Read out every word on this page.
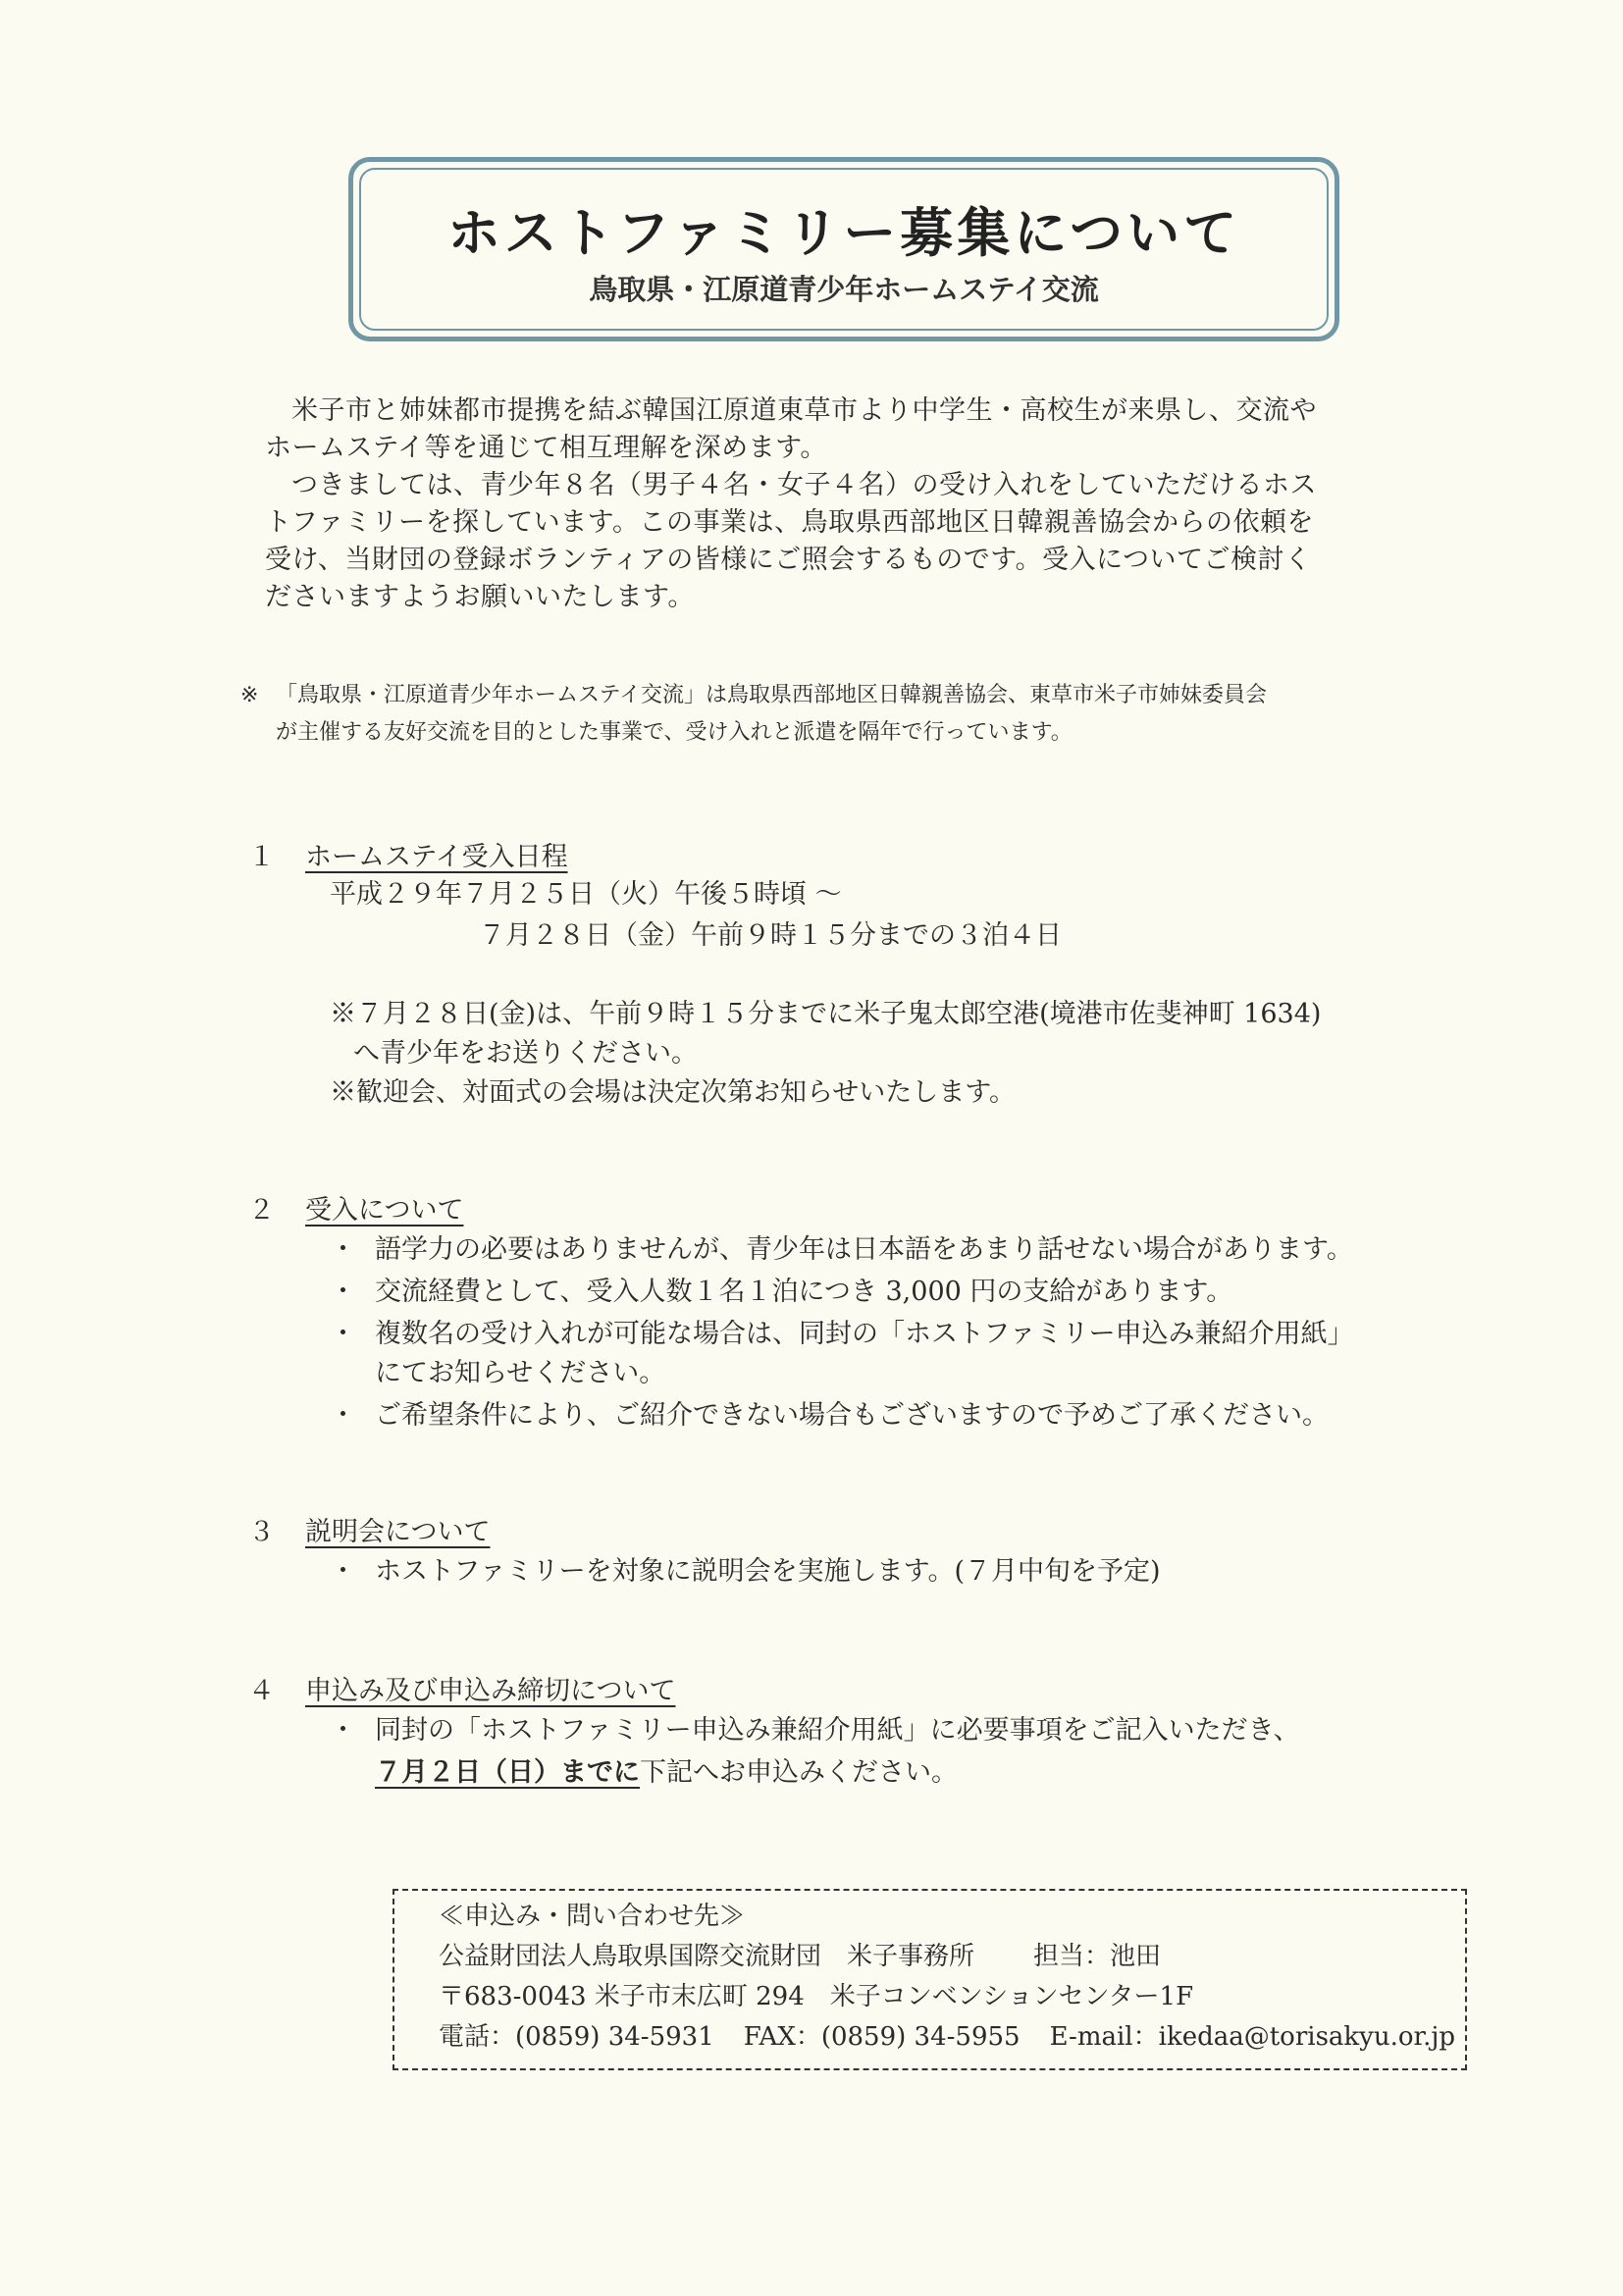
ホストファミリー募集について
鳥取県・江原道青少年ホームステイ交流
米子市と姉妹都市提携を結ぶ韓国江原道東草市より中学生・高校生が来県し、交流や
ホームステイ等を通じて相互理解を深めます。
つきましては、青少年８名（男子４名・女子４名）の受け入れをしていただけるホス
トファミリーを探しています。この事業は、鳥取県西部地区日韓親善協会からの依頼を
受け、当財団の登録ボランティアの皆様にご照会するものです。受入についてご検討く
ださいますようお願いいたします。
※ 「鳥取県・江原道青少年ホームステイ交流」は鳥取県西部地区日韓親善協会、東草市米子市姉妹委員会
が主催する友好交流を目的とした事業で、受け入れと派遣を隔年で行っています。
１ ホームステイ受入日程
平成２９年７月２５日（火）午後５時頃 ～
７月２８日（金）午前９時１５分までの３泊４日
※７月２８日(金)は、午前９時１５分までに米子鬼太郎空港(境港市佐斐神町 1634)
へ青少年をお送りください。
※歓迎会、対面式の会場は決定次第お知らせいたします。
２ 受入について
・ 語学力の必要はありませんが、青少年は日本語をあまり話せない場合があります。
・ 交流経費として、受入人数１名１泊につき 3,000 円の支給があります。
・ 複数名の受け入れが可能な場合は、同封の「ホストファミリー申込み兼紹介用紙」
にてお知らせください。
・ ご希望条件により、ご紹介できない場合もございますので予めご了承ください。
３ 説明会について
・ ホストファミリーを対象に説明会を実施します。(７月中旬を予定)
４ 申込み及び申込み締切について
・ 同封の「ホストファミリー申込み兼紹介用紙」に必要事項をご記入いただき、
７月２日（日）までに下記へお申込みください。
≪申込み・問い合わせ先≫
公益財団法人鳥取県国際交流財団　米子事務所 担当：池田
〒683-0043 米子市末広町 294　米子コンベンションセンター1F
電話：(0859) 34-5931 FAX：(0859) 34-5955 E-mail：ikedaa@torisakyu.or.jp
